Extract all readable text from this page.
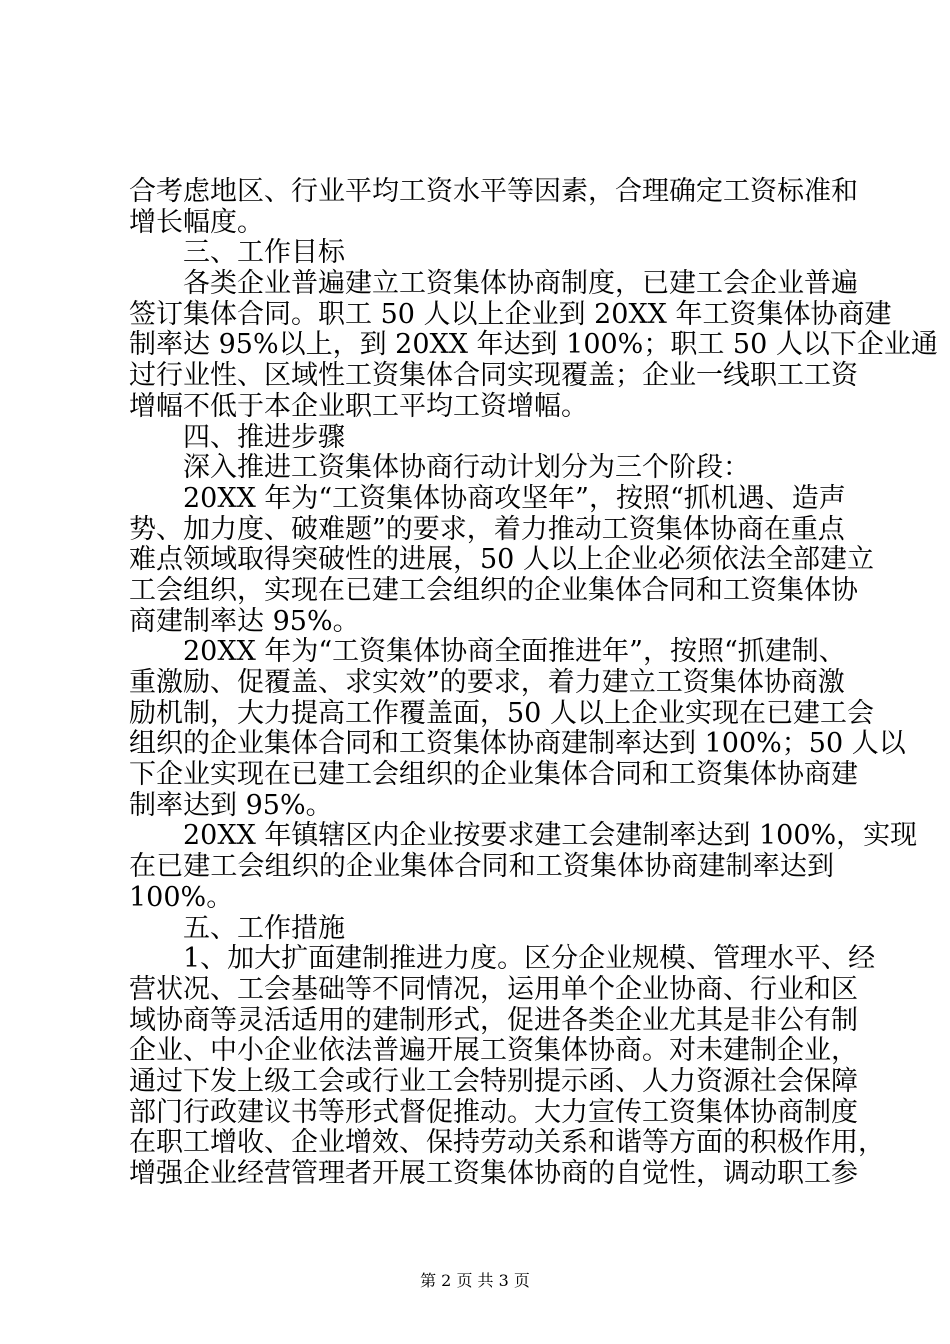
合考虑地区、行业平均工资水平等因素，合理确定工资标准和
增长幅度。
三、工作目标
各类企业普遍建立工资集体协商制度，已建工会企业普遍
签订集体合同。职工 50 人以上企业到 20XX 年工资集体协商建
制率达 95%以上，到 20XX 年达到 100%；职工 50 人以下企业通
过行业性、区域性工资集体合同实现覆盖；企业一线职工工资
增幅不低于本企业职工平均工资增幅。
四、推进步骤
深入推进工资集体协商行动计划分为三个阶段：
20XX 年为“工资集体协商攻坚年”，按照“抓机遇、造声
势、加力度、破难题”的要求，着力推动工资集体协商在重点
难点领域取得突破性的进展，50 人以上企业必须依法全部建立
工会组织，实现在已建工会组织的企业集体合同和工资集体协
商建制率达 95%。
20XX 年为“工资集体协商全面推进年”，按照“抓建制、
重激励、促覆盖、求实效”的要求，着力建立工资集体协商激
励机制，大力提高工作覆盖面，50 人以上企业实现在已建工会
组织的企业集体合同和工资集体协商建制率达到 100%；50 人以
下企业实现在已建工会组织的企业集体合同和工资集体协商建
制率达到 95%。
20XX 年镇辖区内企业按要求建工会建制率达到 100%，实现
在已建工会组织的企业集体合同和工资集体协商建制率达到
100%。
五、工作措施
1、加大扩面建制推进力度。区分企业规模、管理水平、经
营状况、工会基础等不同情况，运用单个企业协商、行业和区
域协商等灵活适用的建制形式，促进各类企业尤其是非公有制
企业、中小企业依法普遍开展工资集体协商。对未建制企业，
通过下发上级工会或行业工会特别提示函、人力资源社会保障
部门行政建议书等形式督促推动。大力宣传工资集体协商制度
在职工增收、企业增效、保持劳动关系和谐等方面的积极作用，
增强企业经营管理者开展工资集体协商的自觉性，调动职工参
第 2 页 共 3 页
